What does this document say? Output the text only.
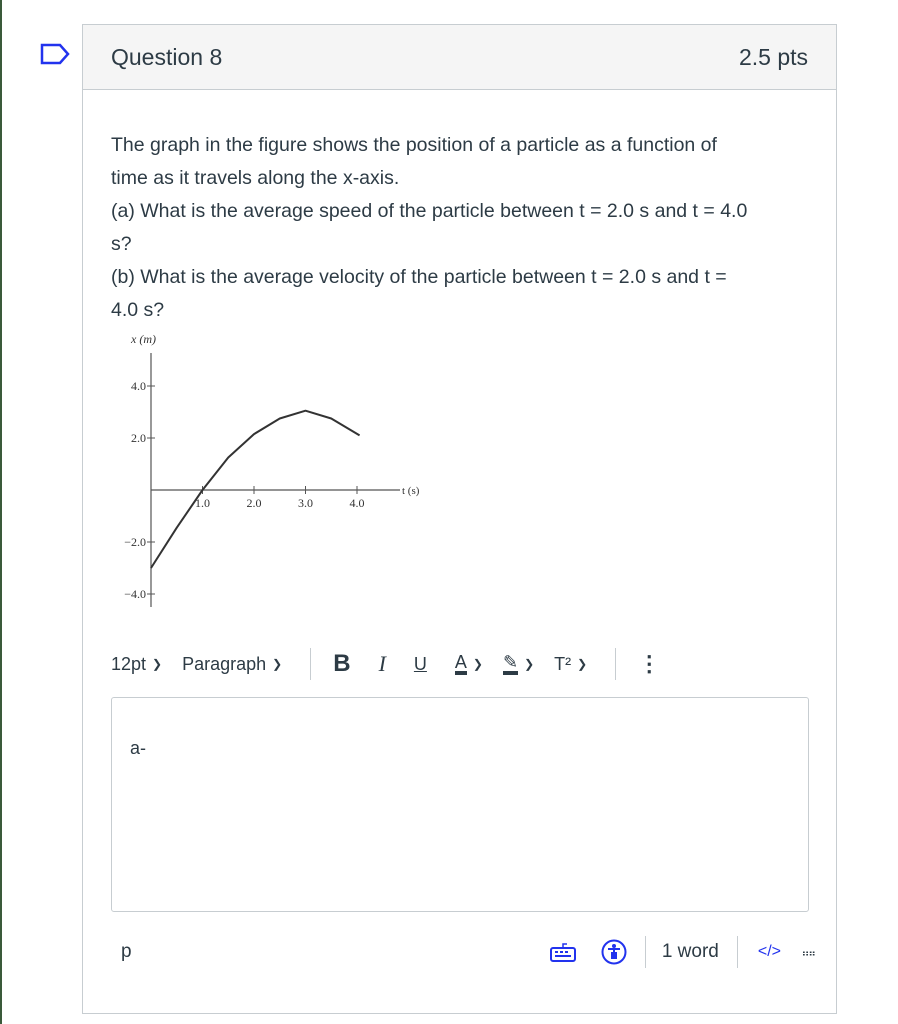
Question 8	2.5 pts
The graph in the figure shows the position of a particle as a function of
time as it travels along the x-axis.
(a) What is the average speed of the particle between t = 2.0 s and t = 4.0
s?
(b) What is the average velocity of the particle between t = 2.0 s and t =
4.0 s?
x (m)
t (s)
4.0
2.0
−2.0
−4.0
1.0	2.0	3.0	4.0
12pt ❯ Paragraph ❯ B I U A ❯ ✎ ❯ T² ❯ ⋮

a-

p	1 word </> ⁞⁞
